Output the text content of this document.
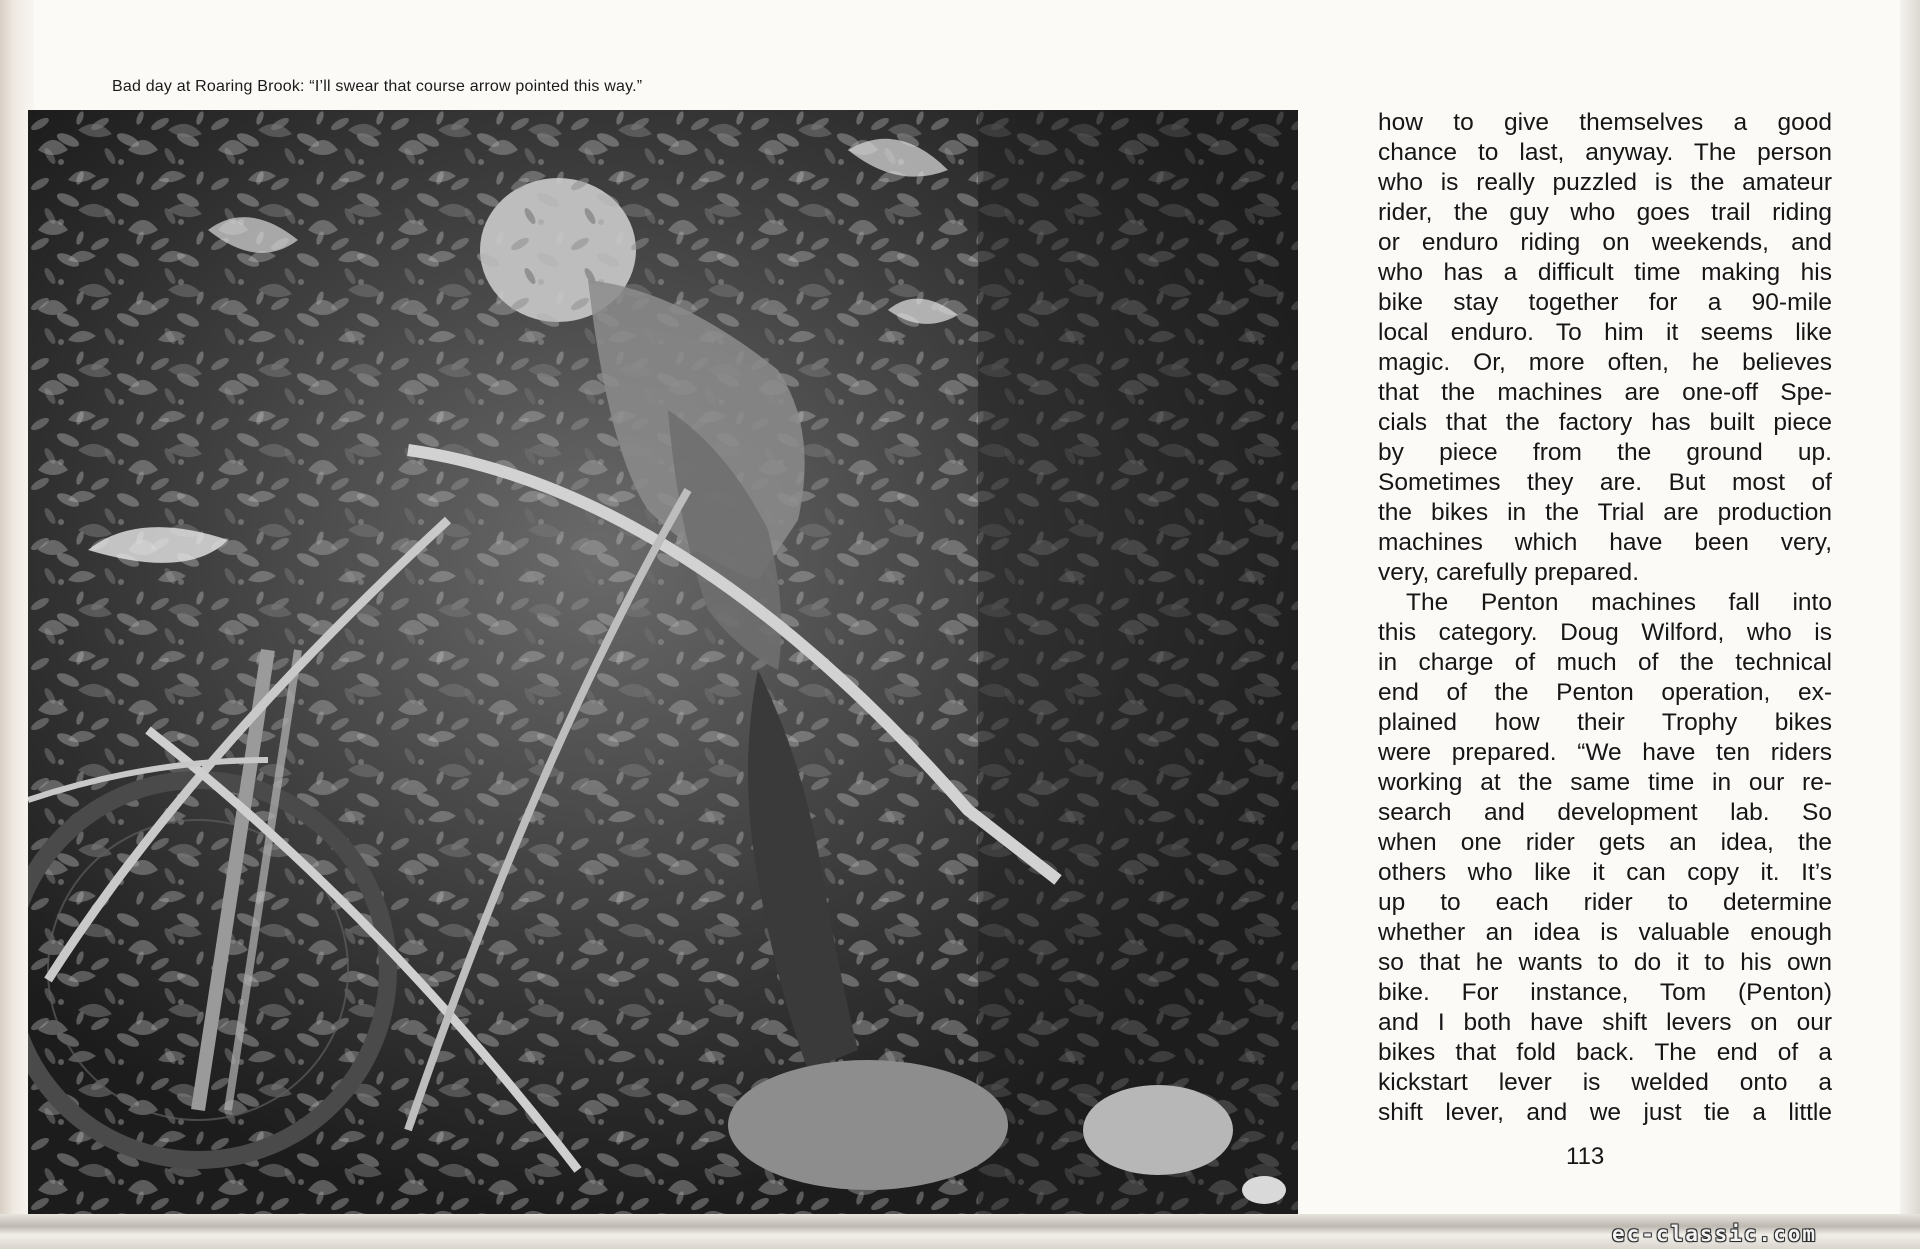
Bad day at Roaring Brook: “I’ll swear that course arrow pointed this way.”
how to give themselves a good
chance to last, anyway. The person
who is really puzzled is the amateur
rider, the guy who goes trail riding
or enduro riding on weekends, and
who has a difficult time making his
bike stay together for a 90-mile
local enduro. To him it seems like
magic. Or, more often, he believes
that the machines are one-off Spe-
cials that the factory has built piece
by piece from the ground up.
Sometimes they are. But most of
the bikes in the Trial are production
machines which have been very,
very, carefully prepared.
The Penton machines fall into
this category. Doug Wilford, who is
in charge of much of the technical
end of the Penton operation, ex-
plained how their Trophy bikes
were prepared. “We have ten riders
working at the same time in our re-
search and development lab. So
when one rider gets an idea, the
others who like it can copy it. It’s
up to each rider to determine
whether an idea is valuable enough
so that he wants to do it to his own
bike. For instance, Tom (Penton)
and I both have shift levers on our
bikes that fold back. The end of a
kickstart lever is welded onto a
shift lever, and we just tie a little
113
ec-classic.com
